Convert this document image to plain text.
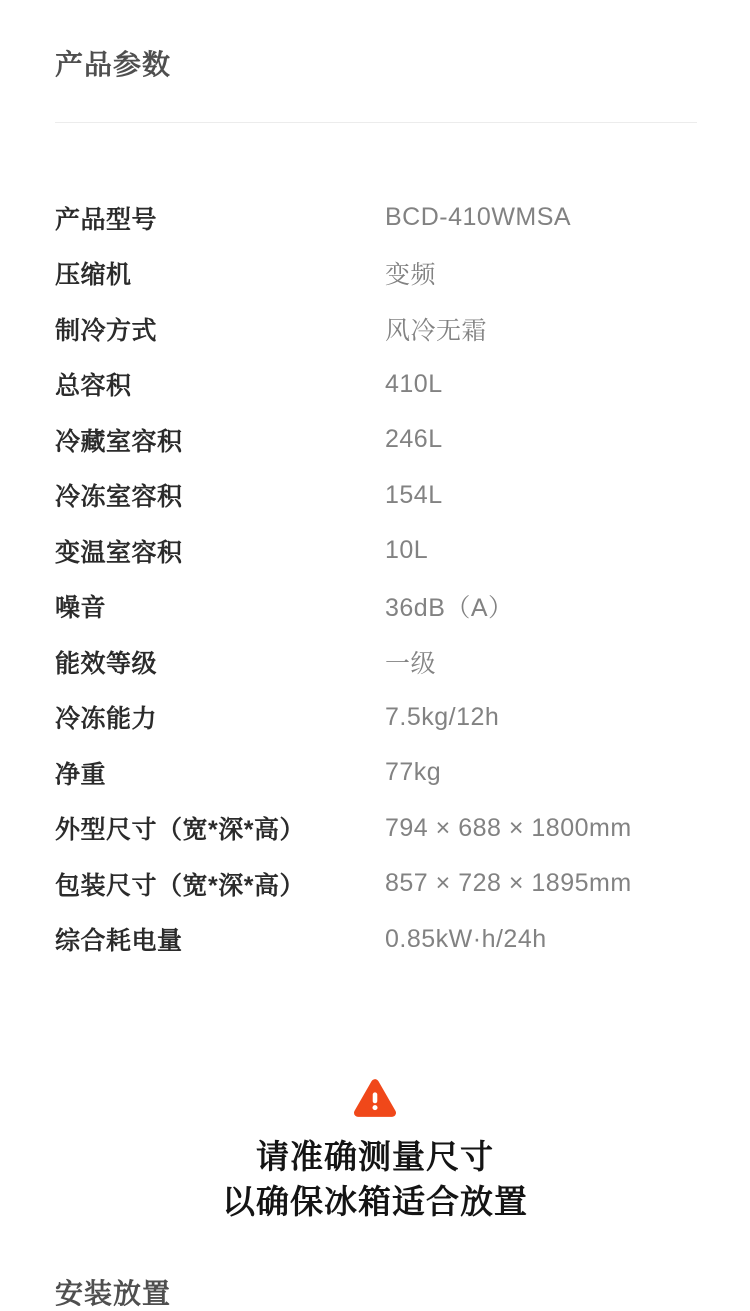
产品参数
产品型号	BCD-410WMSA
压缩机	变频
制冷方式	风冷无霜
总容积	410L
冷藏室容积	246L
冷冻室容积	154L
变温室容积	10L
噪音	36dB（A）
能效等级	一级
冷冻能力	7.5kg/12h
净重	77kg
外型尺寸（宽*深*高）	794 × 688 × 1800mm
包装尺寸（宽*深*高）	857 × 728 × 1895mm
综合耗电量	0.85kW·h/24h
请准确测量尺寸
以确保冰箱适合放置
安装放置
